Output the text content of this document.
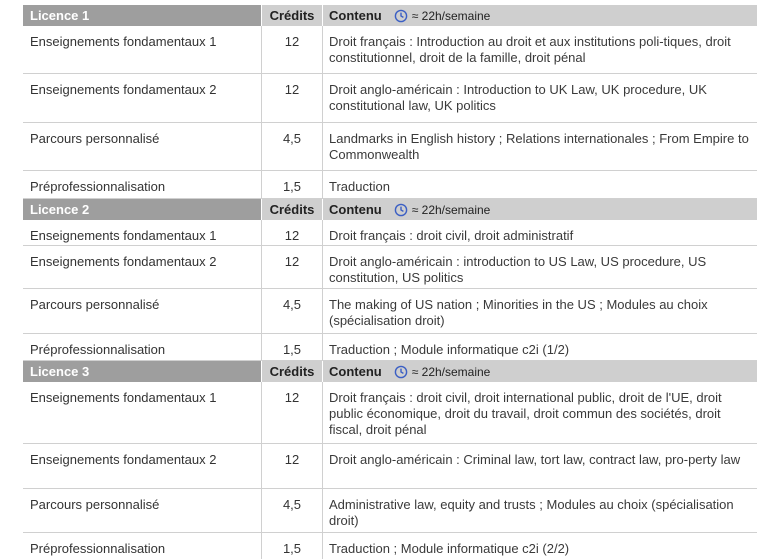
Licence 1	Crédits	Contenu	≈ 22h/semaine
Enseignements fondamentaux 1	12	Droit français : Introduction au droit et aux institutions poli-tiques, droit constitutionnel, droit de la famille, droit pénal
Enseignements fondamentaux 2	12	Droit anglo-américain : Introduction to UK Law, UK procedure, UK constitutional law, UK politics
Parcours personnalisé	4,5	Landmarks in English history ; Relations internationales ; From Empire to Commonwealth
Préprofessionnalisation	1,5	Traduction
Licence 2	Crédits	Contenu	≈ 22h/semaine
Enseignements fondamentaux 1	12	Droit français : droit civil, droit administratif
Enseignements fondamentaux 2	12	Droit anglo-américain : introduction to US Law, US procedure, US constitution, US politics
Parcours personnalisé	4,5	The making of US nation ; Minorities in the US ; Modules au choix (spécialisation droit)
Préprofessionnalisation	1,5	Traduction ; Module informatique c2i (1/2)
Licence 3	Crédits	Contenu	≈ 22h/semaine
Enseignements fondamentaux 1	12	Droit français : droit civil, droit international public, droit de l'UE, droit public économique, droit du travail, droit commun des sociétés, droit fiscal, droit pénal
Enseignements fondamentaux 2	12	Droit anglo-américain : Criminal law, tort law, contract law, pro-perty law
Parcours personnalisé	4,5	Administrative law, equity and trusts ; Modules au choix (spécialisation droit)
Préprofessionnalisation	1,5	Traduction ; Module informatique c2i (2/2)
